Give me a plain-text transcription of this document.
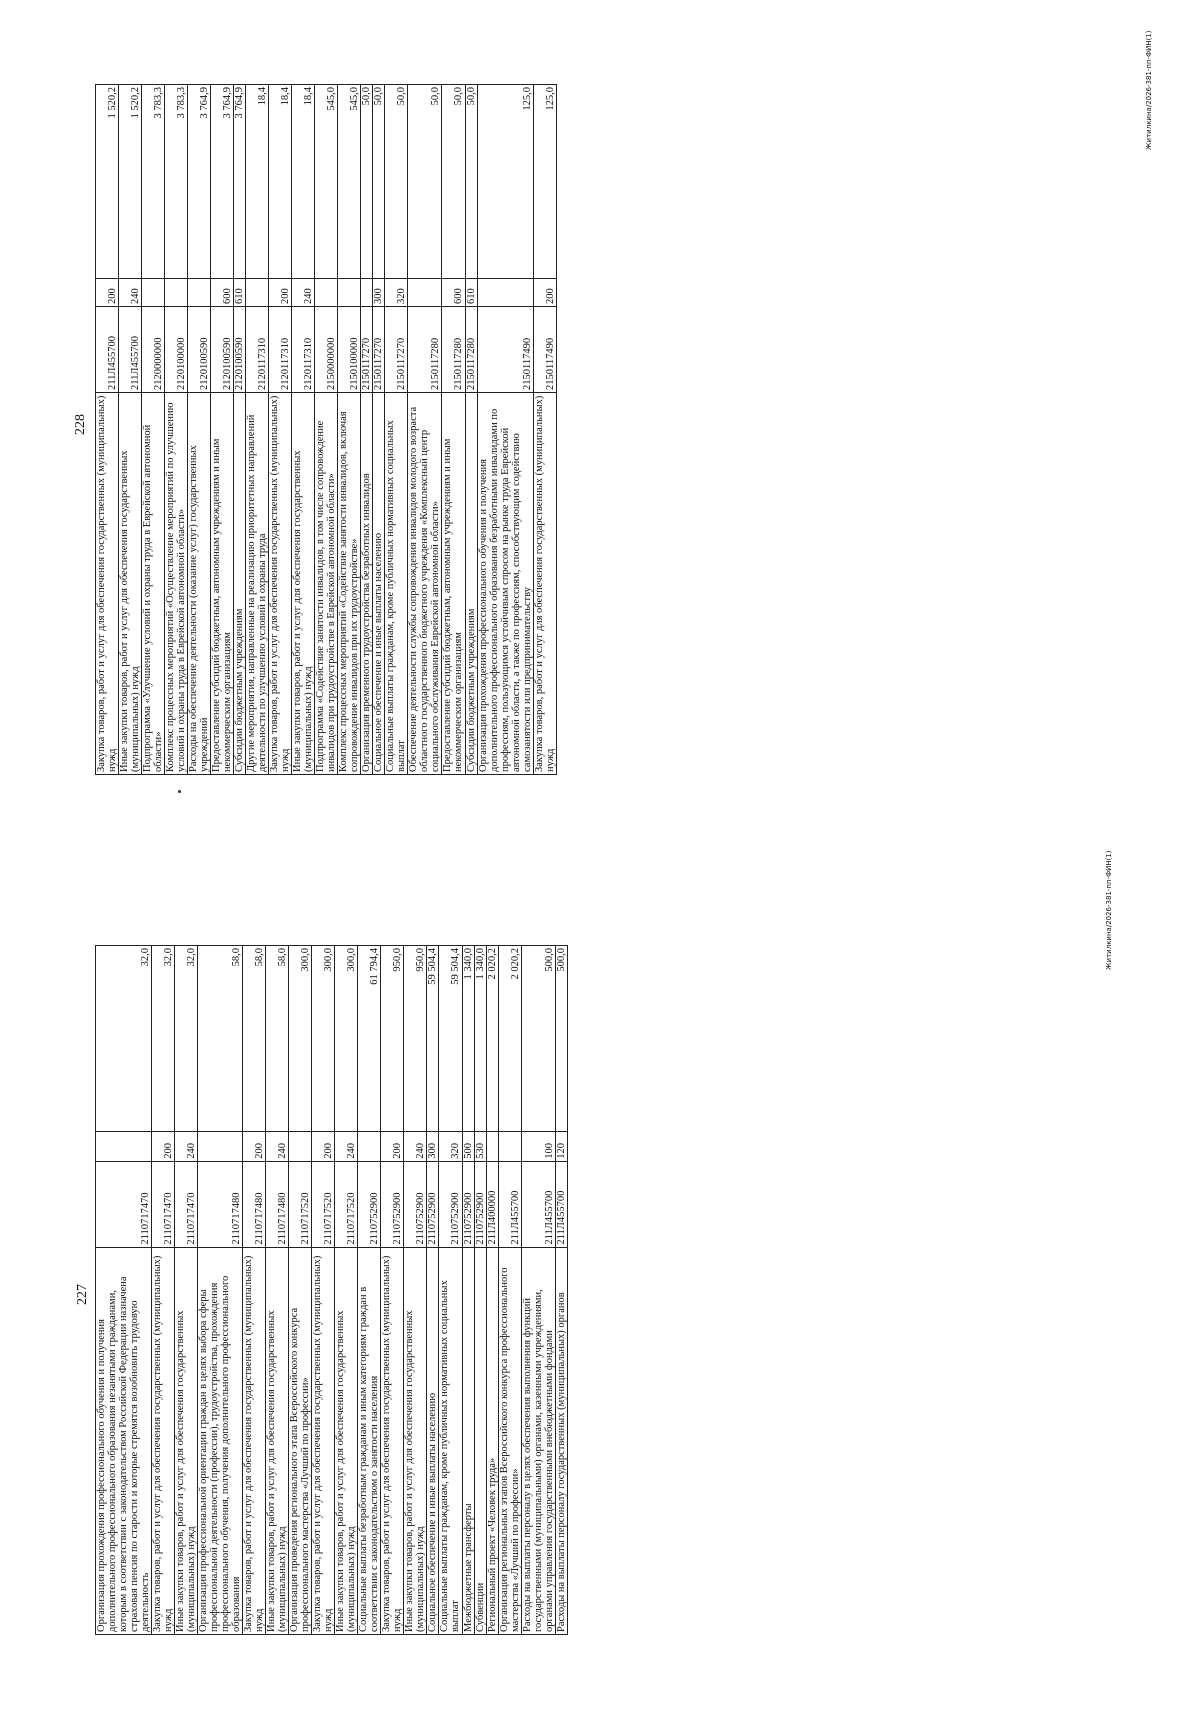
227
Организация прохождения профессионального обучения и получения дополнительного профессионального образования незанятыми гражданами, которым в соответствии с законодательством Российской Федерации назначена страховая пенсия по старости и которые стремятся возобновить трудовую деятельность	2110717470		32,0
Закупка товаров, работ и услуг для обеспечения государственных (муниципальных) нужд	2110717470	200	32,0
Иные закупки товаров, работ и услуг для обеспечения государственных (муниципальных) нужд	2110717470	240	32,0
Организация профессиональной ориентации граждан в целях выбора сферы профессиональной деятельности (профессии), трудоустройства, прохождения профессионального обучения, получения дополнительного профессионального образования	2110717480		58,0
Закупка товаров, работ и услуг для обеспечения государственных (муниципальных) нужд	2110717480	200	58,0
Иные закупки товаров, работ и услуг для обеспечения государственных (муниципальных) нужд	2110717480	240	58,0
Организация проведения регионального этапа Всероссийского конкурса профессионального мастерства «Лучший по профессии»	2110717520		300,0
Закупка товаров, работ и услуг для обеспечения государственных (муниципальных) нужд	2110717520	200	300,0
Иные закупки товаров, работ и услуг для обеспечения государственных (муниципальных) нужд	2110717520	240	300,0
Социальные выплаты безработным гражданам и иным категориям граждан в соответствии с законодательством о занятости населения	2110752900		61 794,4
Закупка товаров, работ и услуг для обеспечения государственных (муниципальных) нужд	2110752900	200	950,0
Иные закупки товаров, работ и услуг для обеспечения государственных (муниципальных) нужд	2110752900	240	950,0
Социальное обеспечение и иные выплаты населению	2110752900	300	59 504,4
Социальные выплаты гражданам, кроме публичных нормативных социальных выплат	2110752900	320	59 504,4
Межбюджетные трансферты	2110752900	500	1 340,0
Субвенции	2110752900	530	1 340,0
Региональный проект «Человек труда»	211Л400000		2 020,2
Организация региональных этапов Всероссийского конкурса профессионального мастерства «Лучший по профессии»	211Л455700		2 020,2
Расходы на выплаты персоналу в целях обеспечения выполнения функций государственными (муниципальными) органами, казенными учреждениями, органами управления государственными внебюджетными фондами	211Л455700	100	500,0
Расходы на выплаты персоналу государственных (муниципальных) органов	211Л455700	120	500,0	Житилкина/2026-381-пп-ФИН(1)
228 Закупка товаров, работ и услуг для обеспечения государственных (муниципальных) нужд	211Л455700	200	1 520,2
Иные закупки товаров, работ и услуг для обеспечения государственных (муниципальных) нужд	211Л455700	240	1 520,2
Подпрограмма «Улучшение условий и охраны труда в Еврейской автономной области»	2120000000		3 783,3
Комплекс процессных мероприятий «Осуществление мероприятий по улучшению условий и охраны труда в Еврейской автономной области»	2120100000		3 783,3
Расходы на обеспечение деятельности (оказание услуг) государственных учреждений	2120100590		3 764,9
Предоставление субсидий бюджетным, автономным учреждениям и иным некоммерческим организациям	2120100590	600	3 764,9
Субсидии бюджетным учреждениям	2120100590	610	3 764,9
Другие мероприятия, направленные на реализацию приоритетных направлений деятельности по улучшению условий и охраны труда	2120117310		18,4
Закупка товаров, работ и услуг для обеспечения государственных (муниципальных) нужд	2120117310	200	18,4
Иные закупки товаров, работ и услуг для обеспечения государственных (муниципальных) нужд	2120117310	240	18,4
Подпрограмма «Содействие занятости инвалидов, в том числе сопровождение инвалидов при трудоустройстве в Еврейской автономной области»	2150000000		545,0
Комплекс процессных мероприятий «Содействие занятости инвалидов, включая сопровождение инвалидов при их трудоустройстве»	2150100000		545,0
Организация временного трудоустройства безработных инвалидов	2150117270		50,0
Социальное обеспечение и иные выплаты населению	2150117270	300	50,0
Социальные выплаты гражданам, кроме публичных нормативных социальных выплат	2150117270	320	50,0
Обеспечение деятельности службы сопровождения инвалидов молодого возраста областного государственного бюджетного учреждения «Комплексный центр социального обслуживания Еврейской автономной области»	2150117280		50,0
Предоставление субсидий бюджетным, автономным учреждениям и иным некоммерческим организациям	2150117280	600	50,0
Субсидии бюджетным учреждениям	2150117280	610	50,0
Организация прохождения профессионального обучения и получения дополнительного профессионального образования безработными инвалидами по профессиям, пользующимся устойчивым спросом на рынке труда Еврейской автономной области, а также по профессиям, способствующим содействию самозанятости или предпринимательству	2150117490		125,0
Закупка товаров, работ и услуг для обеспечения государственных (муниципальных) нужд	2150117490	200	125,0	Житилкина/2026-381-пп-ФИН(1)
